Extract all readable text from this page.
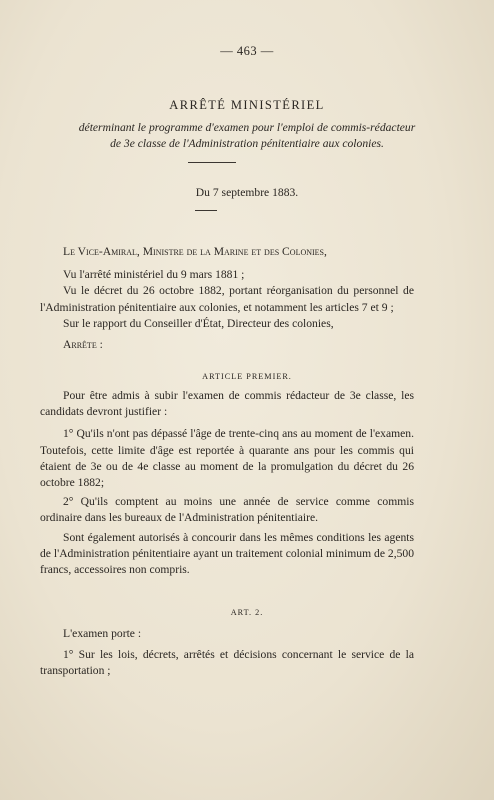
— 463 —
ARRÊTÉ MINISTÉRIEL
déterminant le programme d'examen pour l'emploi de commis-rédacteur
de 3e classe de l'Administration pénitentiaire aux colonies.
Du 7 septembre 1883.

Le Vice-Amiral, Ministre de la Marine et des Colonies,

Vu l'arrêté ministériel du 9 mars 1881 ;

Vu le décret du 26 octobre 1882, portant réorganisation du personnel de l'Administration pénitentiaire aux colonies, et notamment les articles 7 et 9 ;

Sur le rapport du Conseiller d'État, Directeur des colonies,

Arrête :

ARTICLE PREMIER.

Pour être admis à subir l'examen de commis rédacteur de 3e classe, les candidats devront justifier :

1° Qu'ils n'ont pas dépassé l'âge de trente-cinq ans au moment de l'examen. Toutefois, cette limite d'âge est reportée à quarante ans pour les commis qui étaient de 3e ou de 4e classe au moment de la promulgation du décret du 26 octobre 1882;

2° Qu'ils comptent au moins une année de service comme commis ordinaire dans les bureaux de l'Administration pénitentiaire.

Sont également autorisés à concourir dans les mêmes conditions les agents de l'Administration pénitentiaire ayant un traitement colonial minimum de 2,500 francs, accessoires non compris.

ART. 2.

L'examen porte :

1° Sur les lois, décrets, arrêtés et décisions concernant le service de la transportation ;
